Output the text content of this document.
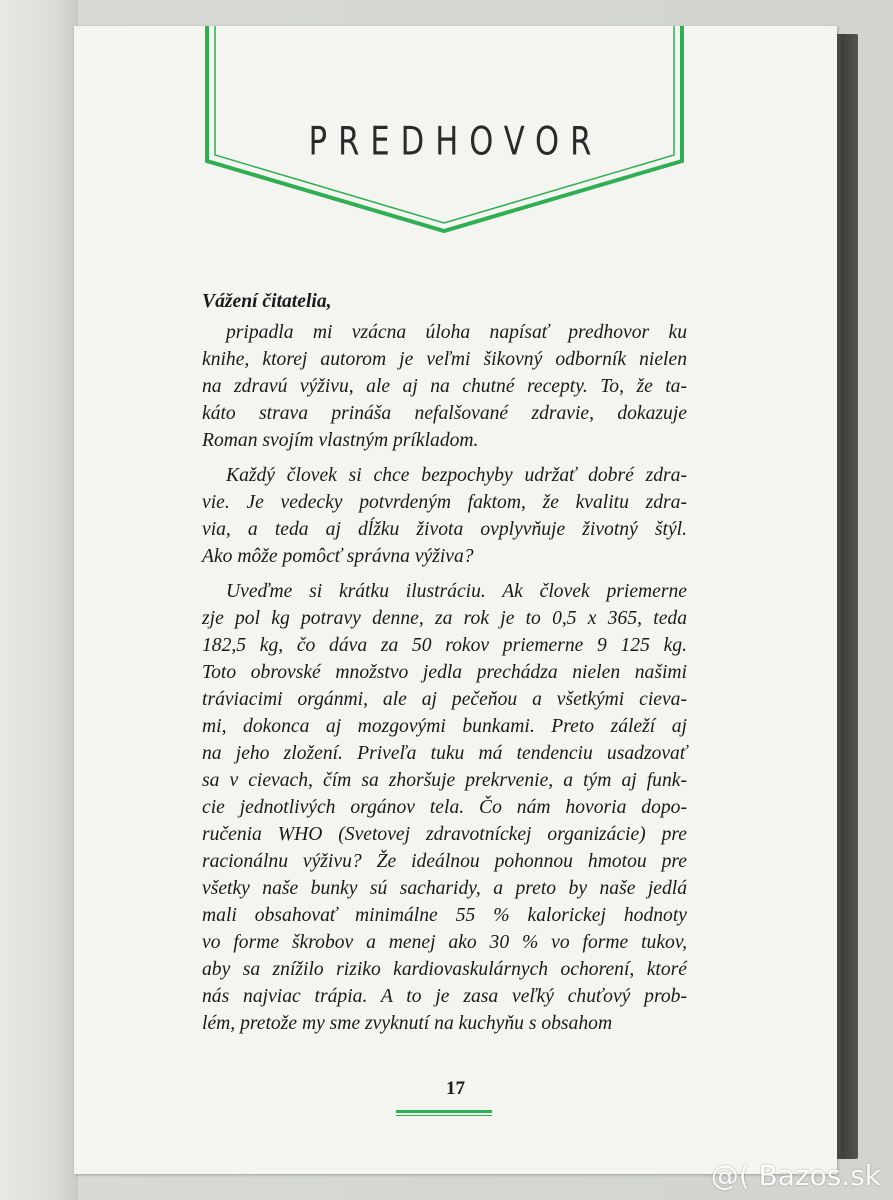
PREDHOVOR
Vážení čitatelia,
pripadla mi vzácna úloha napísať predhovor ku
knihe, ktorej autorom je veľmi šikovný odborník nielen
na zdravú výživu, ale aj na chutné recepty. To, že ta-
káto strava prináša nefalšované zdravie, dokazuje
Roman svojím vlastným príkladom.
Každý človek si chce bezpochyby udržať dobré zdra-
vie. Je vedecky potvrdeným faktom, že kvalitu zdra-
via, a teda aj dĺžku života ovplyvňuje životný štýl.
Ako môže pomôcť správna výživa?
Uveďme si krátku ilustráciu. Ak človek priemerne
zje pol kg potravy denne, za rok je to 0,5 x 365, teda
182,5 kg, čo dáva za 50 rokov priemerne 9 125 kg.
Toto obrovské množstvo jedla prechádza nielen našimi
tráviacimi orgánmi, ale aj pečeňou a všetkými cieva-
mi, dokonca aj mozgovými bunkami. Preto záleží aj
na jeho zložení. Priveľa tuku má tendenciu usadzovať
sa v cievach, čím sa zhoršuje prekrvenie, a tým aj funk-
cie jednotlivých orgánov tela. Čo nám hovoria dopo-
ručenia WHO (Svetovej zdravotníckej organizácie) pre
racionálnu výživu? Že ideálnou pohonnou hmotou pre
všetky naše bunky sú sacharidy, a preto by naše jedlá
mali obsahovať minimálne 55 % kalorickej hodnoty
vo forme škrobov a menej ako 30 % vo forme tukov,
aby sa znížilo riziko kardiovaskulárnych ochorení, ktoré
nás najviac trápia. A to je zasa veľký chuťový prob-
lém, pretože my sme zvyknutí na kuchyňu s obsahom
17
@( Bazos.sk
